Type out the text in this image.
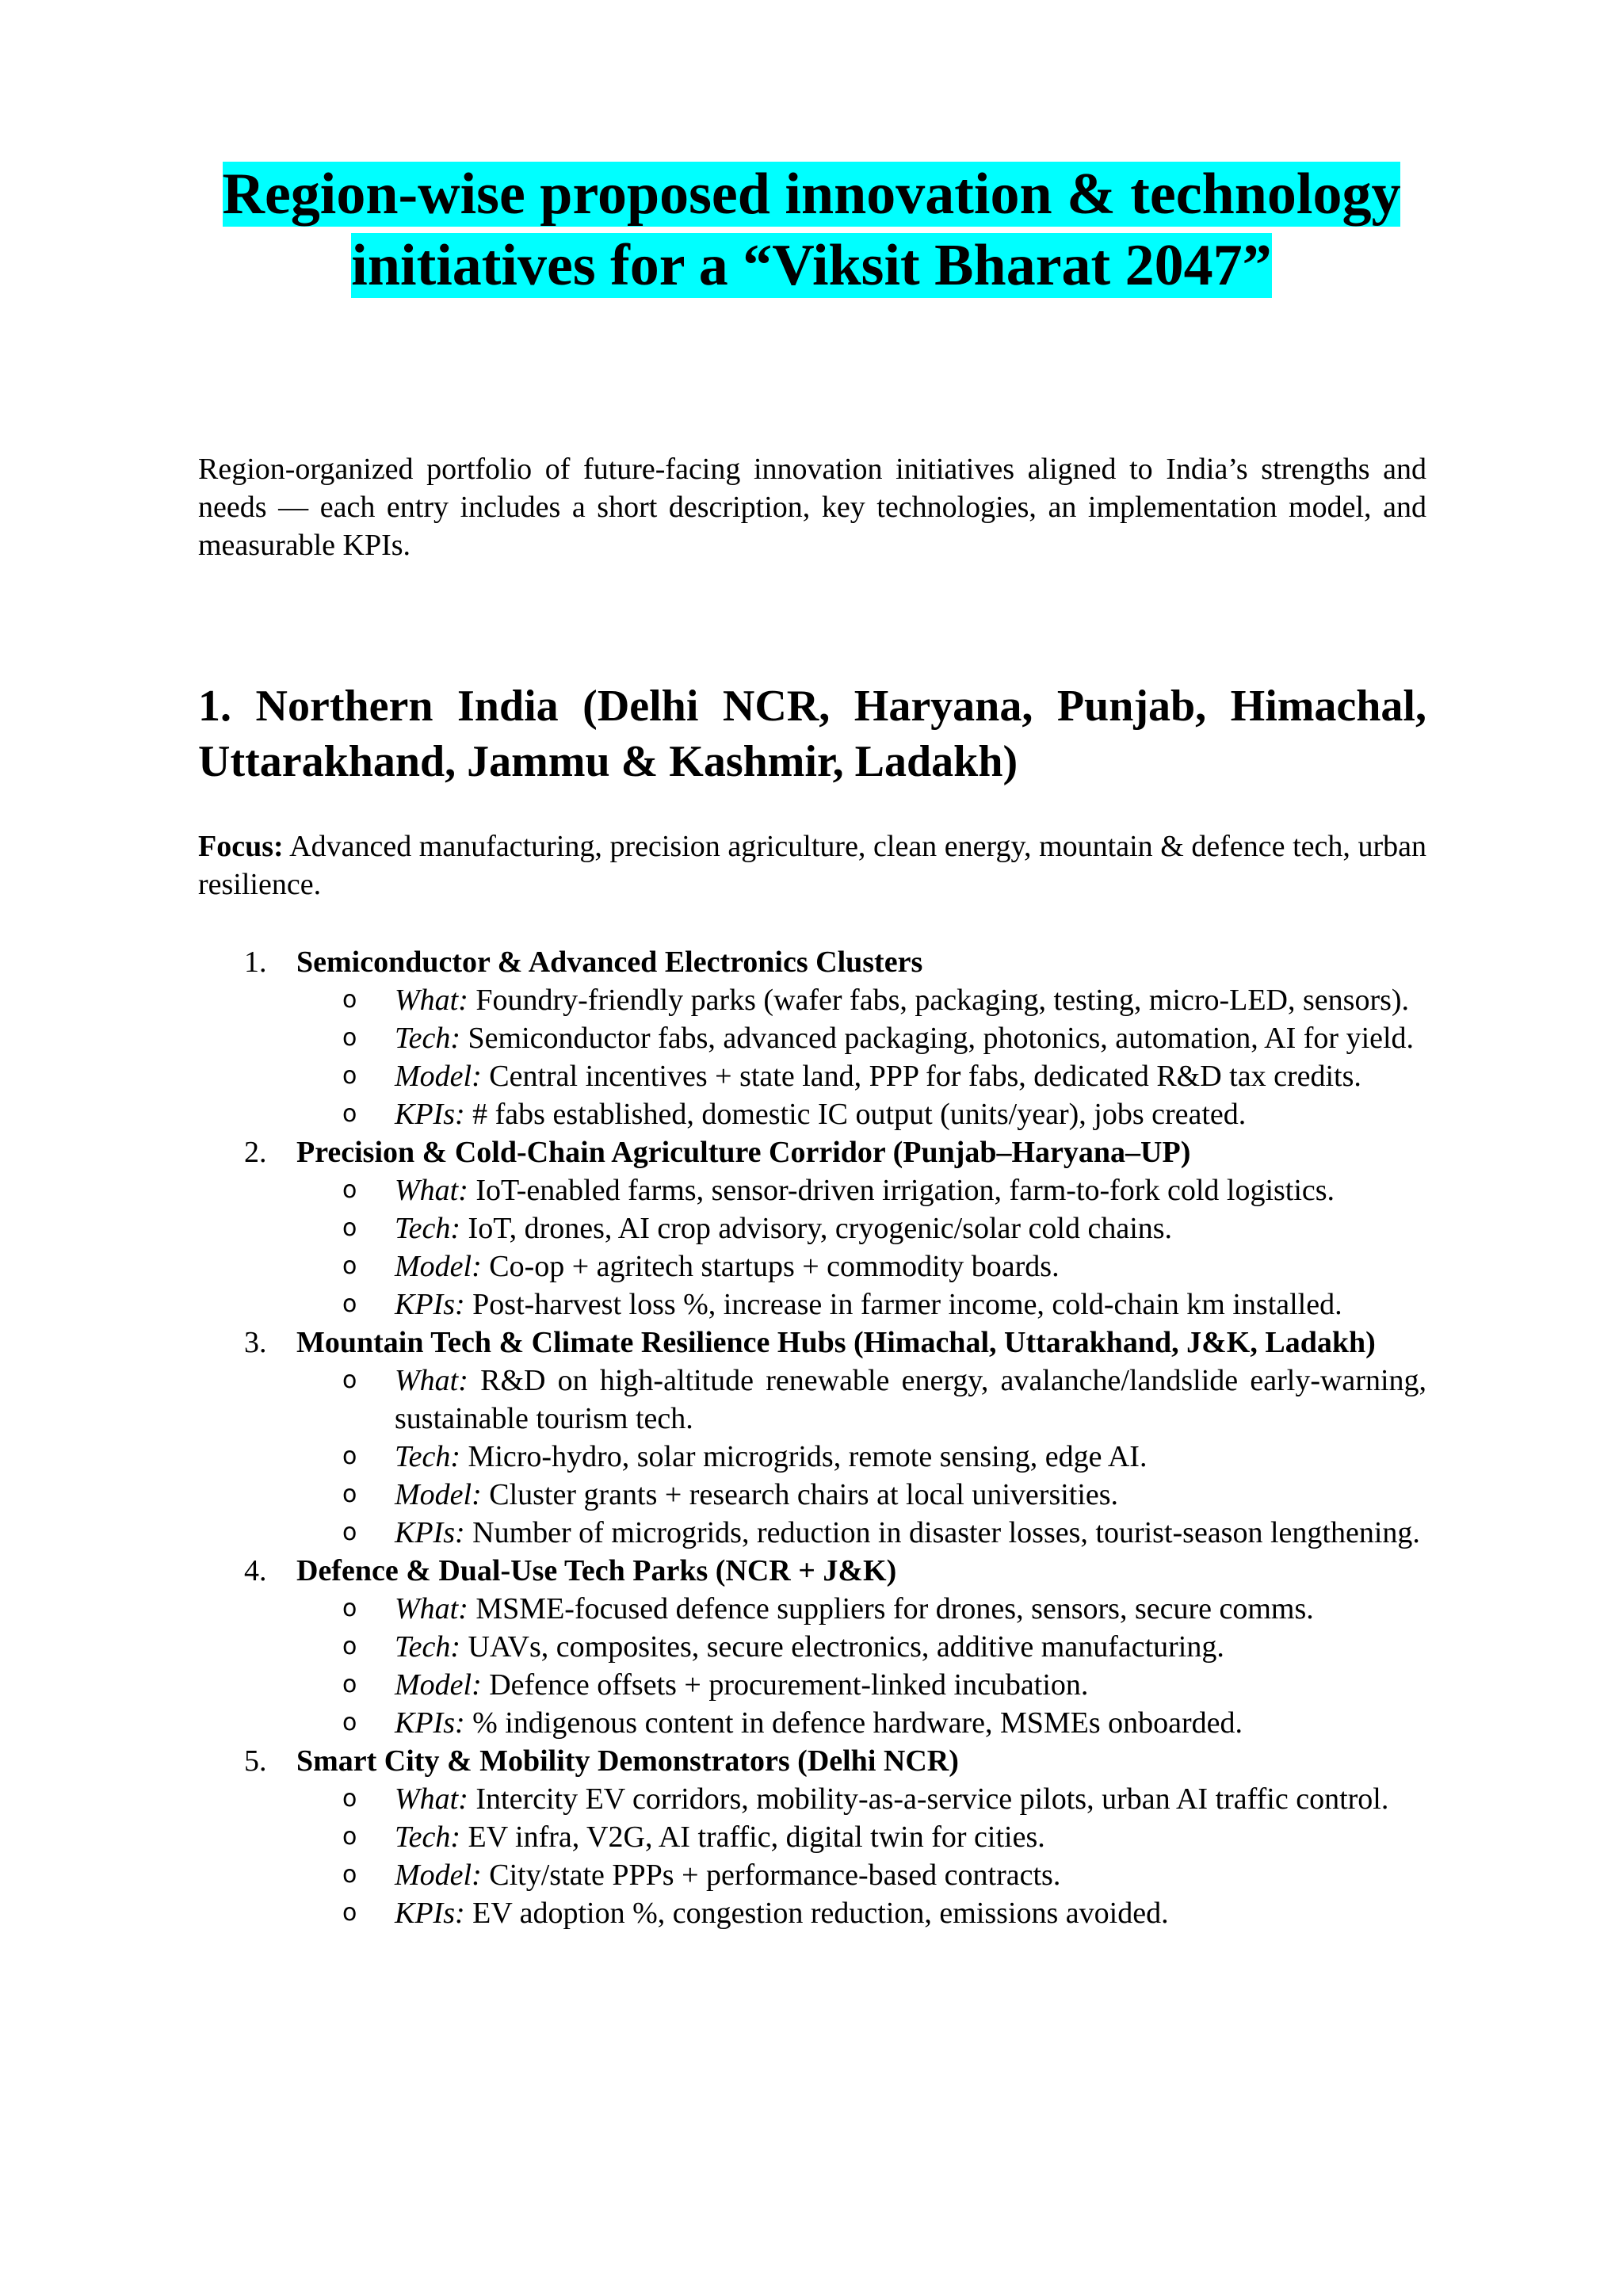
Region-wise proposed innovation & technology
initiatives for a “Viksit Bharat 2047”

Region-organized portfolio of future-facing innovation initiatives aligned to India’s strengths and needs — each entry includes a short description, key technologies, an implementation model, and measurable KPIs.

1. Northern India (Delhi NCR, Haryana, Punjab, Himachal, Uttarakhand, Jammu & Kashmir, Ladakh)

Focus: Advanced manufacturing, precision agriculture, clean energy, mountain & defence tech, urban resilience.

1. Semiconductor & Advanced Electronics Clusters
o What: Foundry-friendly parks (wafer fabs, packaging, testing, micro-LED, sensors).
o Tech: Semiconductor fabs, advanced packaging, photonics, automation, AI for yield.
o Model: Central incentives + state land, PPP for fabs, dedicated R&D tax credits.
o KPIs: # fabs established, domestic IC output (units/year), jobs created.
2. Precision & Cold-Chain Agriculture Corridor (Punjab–Haryana–UP)
o What: IoT-enabled farms, sensor-driven irrigation, farm-to-fork cold logistics.
o Tech: IoT, drones, AI crop advisory, cryogenic/solar cold chains.
o Model: Co-op + agritech startups + commodity boards.
o KPIs: Post-harvest loss %, increase in farmer income, cold-chain km installed.
3. Mountain Tech & Climate Resilience Hubs (Himachal, Uttarakhand, J&K, Ladakh)
o What: R&D on high-altitude renewable energy, avalanche/landslide early-warning, sustainable tourism tech.
o Tech: Micro-hydro, solar microgrids, remote sensing, edge AI.
o Model: Cluster grants + research chairs at local universities.
o KPIs: Number of microgrids, reduction in disaster losses, tourist-season lengthening.
4. Defence & Dual-Use Tech Parks (NCR + J&K)
o What: MSME-focused defence suppliers for drones, sensors, secure comms.
o Tech: UAVs, composites, secure electronics, additive manufacturing.
o Model: Defence offsets + procurement-linked incubation.
o KPIs: % indigenous content in defence hardware, MSMEs onboarded.
5. Smart City & Mobility Demonstrators (Delhi NCR)
o What: Intercity EV corridors, mobility-as-a-service pilots, urban AI traffic control.
o Tech: EV infra, V2G, AI traffic, digital twin for cities.
o Model: City/state PPPs + performance-based contracts.
o KPIs: EV adoption %, congestion reduction, emissions avoided.
